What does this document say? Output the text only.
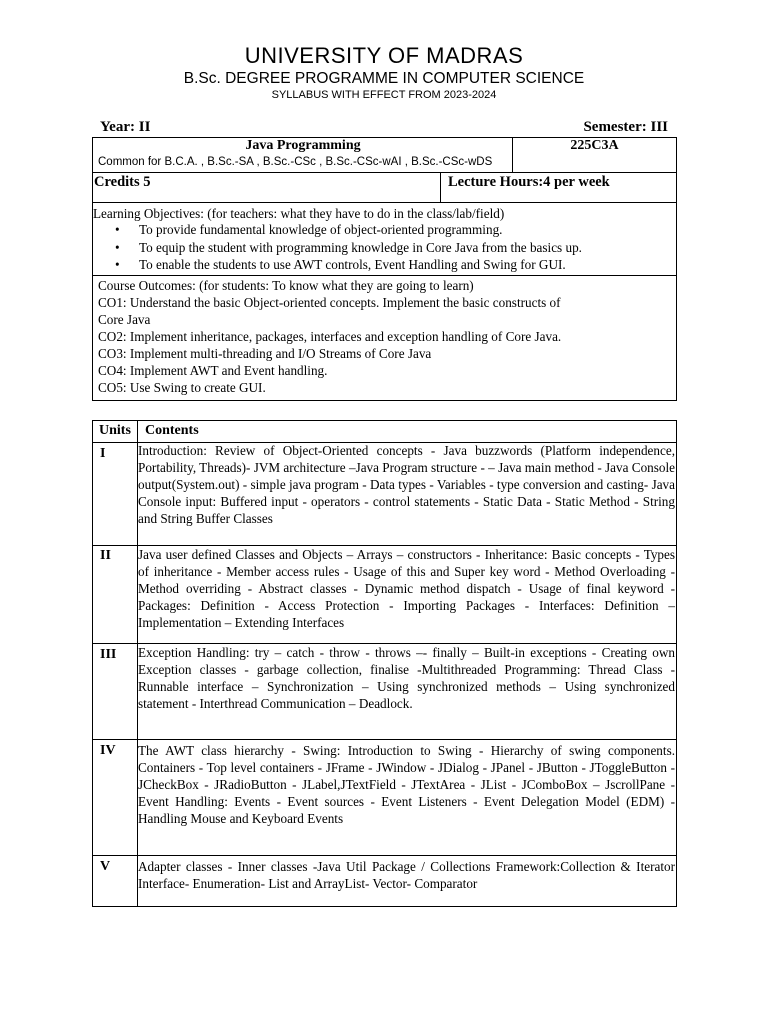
UNIVERSITY OF MADRAS
B.Sc. DEGREE PROGRAMME IN COMPUTER SCIENCE
SYLLABUS WITH EFFECT FROM 2023-2024
Year: II	Semester: III
Java Programming
Common for B.C.A. , B.Sc.-SA , B.Sc.-CSc , B.Sc.-CSc-wAI , B.Sc.-CSc-wDS
225C3A
Credits 5	Lecture Hours:4 per week
Learning Objectives: (for teachers: what they have to do in the class/lab/field)
• To provide fundamental knowledge of object-oriented programming.
• To equip the student with programming knowledge in Core Java from the basics up.
• To enable the students to use AWT controls, Event Handling and Swing for GUI.
Course Outcomes: (for students: To know what they are going to learn)
CO1: Understand the basic Object-oriented concepts. Implement the basic constructs of
Core Java
CO2: Implement inheritance, packages, interfaces and exception handling of Core Java.
CO3: Implement multi-threading and I/O Streams of Core Java
CO4: Implement AWT and Event handling.
CO5: Use Swing to create GUI.
Units Contents
I Introduction: Review of Object-Oriented concepts - Java buzzwords (Platform independence, Portability, Threads)- JVM architecture –Java Program structure - – Java main method - Java Console output(System.out) - simple java program - Data types - Variables - type conversion and casting- Java Console input: Buffered input - operators - control statements - Static Data - Static Method - String and String Buffer Classes
II Java user defined Classes and Objects – Arrays – constructors - Inheritance: Basic concepts - Types of inheritance - Member access rules - Usage of this and Super key word - Method Overloading - Method overriding - Abstract classes - Dynamic method dispatch - Usage of final keyword -Packages: Definition - Access Protection - Importing Packages - Interfaces: Definition – Implementation – Extending Interfaces
III Exception Handling: try – catch - throw - throws –- finally – Built-in exceptions - Creating own Exception classes - garbage collection, finalise -Multithreaded Programming: Thread Class - Runnable interface – Synchronization – Using synchronized methods – Using synchronized statement - Interthread Communication – Deadlock.
IV The AWT class hierarchy - Swing: Introduction to Swing - Hierarchy of swing components. Containers - Top level containers - JFrame - JWindow - JDialog - JPanel - JButton - JToggleButton - JCheckBox - JRadioButton - JLabel,JTextField - JTextArea - JList - JComboBox – JscrollPane - Event Handling: Events - Event sources - Event Listeners - Event Delegation Model (EDM) - Handling Mouse and Keyboard Events
V Adapter classes - Inner classes -Java Util Package / Collections Framework:Collection & Iterator Interface- Enumeration- List and ArrayList- Vector- Comparator
